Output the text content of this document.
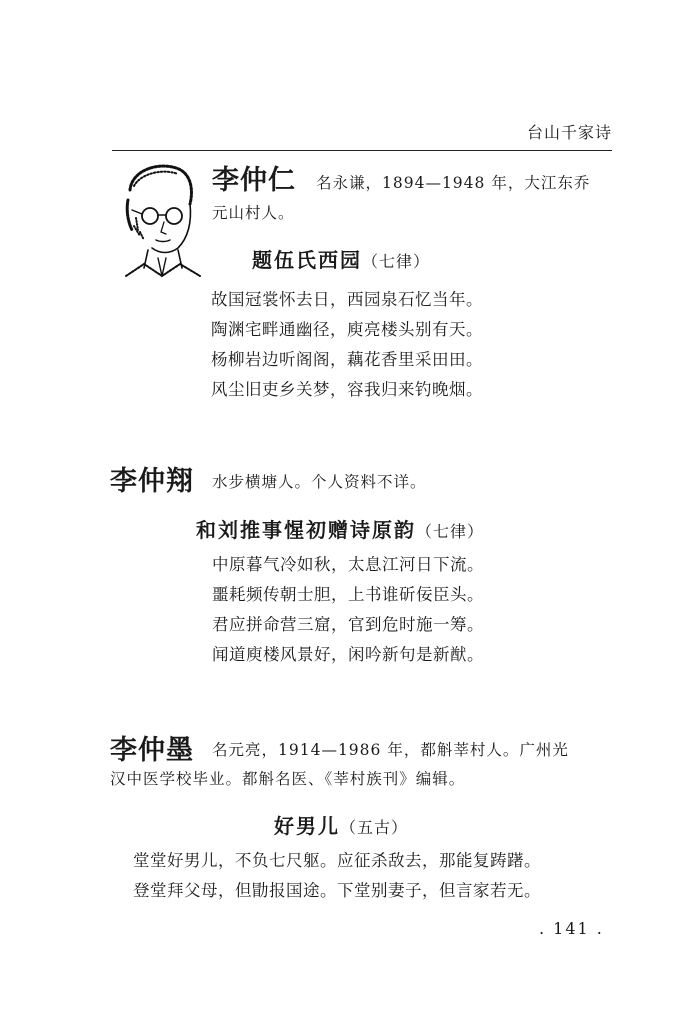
台山千家诗
李仲仁 名永谦，1894—1948 年，大江东乔
元山村人。
题伍氏西园（七律）
故国冠裳怀去日，西园泉石忆当年。
陶渊宅畔通幽径，庾亮楼头别有天。
杨柳岩边听阁阁，藕花香里采田田。
风尘旧吏乡关梦，容我归来钓晚烟。
李仲翔 水步横塘人。个人资料不详。
和刘推事惺初赠诗原韵（七律）
中原暮气冷如秋，太息江河日下流。
噩耗频传朝士胆，上书谁斫佞臣头。
君应拼命营三窟，官到危时施一筹。
闻道庾楼风景好，闲吟新句是新猷。
李仲墨 名元亮，1914—1986 年，都斛莘村人。广州光
汉中医学校毕业。都斛名医、《莘村族刊》编辑。
好男儿（五古）
堂堂好男儿，不负七尺躯。应征杀敌去，那能复踌躇。
登堂拜父母，但勖报国途。下堂别妻子，但言家若无。
. 141 .
